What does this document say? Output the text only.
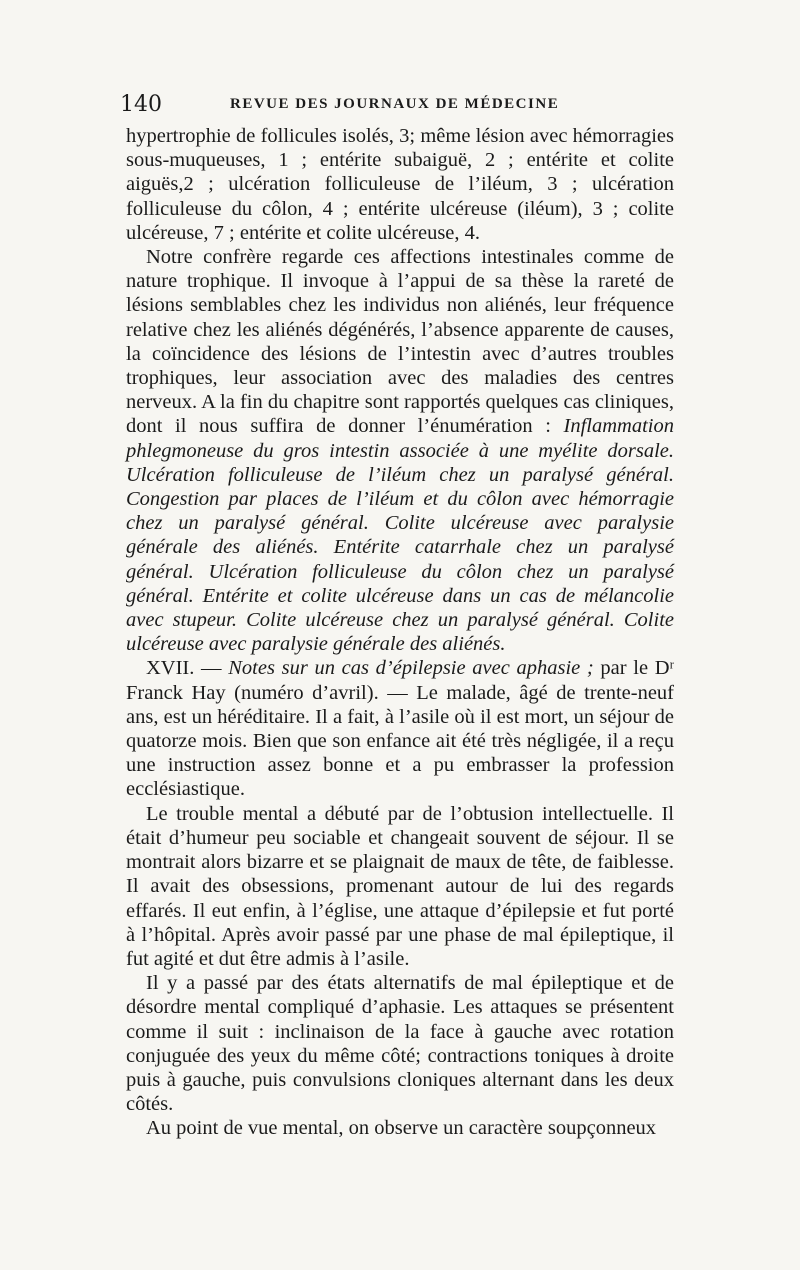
140	REVUE DES JOURNAUX DE MÉDECINE

hypertrophie de follicules isolés, 3; même lésion avec hémorragies sous-muqueuses, 1 ; entérite subaiguë, 2 ; entérite et colite aiguës,2 ; ulcération folliculeuse de l’iléum, 3 ; ulcération folliculeuse du côlon, 4 ; entérite ulcéreuse (iléum), 3 ; colite ulcéreuse, 7 ; entérite et colite ulcéreuse, 4.

Notre confrère regarde ces affections intestinales comme de nature trophique. Il invoque à l’appui de sa thèse la rareté de lésions semblables chez les individus non aliénés, leur fréquence relative chez les aliénés dégénérés, l’absence apparente de causes, la coïncidence des lésions de l’intestin avec d’autres troubles trophiques, leur association avec des maladies des centres nerveux. A la fin du chapitre sont rapportés quelques cas cliniques, dont il nous suffira de donner l’énumération : Inflammation phlegmoneuse du gros intestin associée à une myélite dorsale. Ulcération folliculeuse de l’iléum chez un paralysé général. Congestion par places de l’iléum et du côlon avec hémorragie chez un paralysé général. Colite ulcéreuse avec paralysie générale des aliénés. Entérite catarrhale chez un paralysé général. Ulcération folliculeuse du côlon chez un paralysé général. Entérite et colite ulcéreuse dans un cas de mélancolie avec stupeur. Colite ulcéreuse chez un paralysé général. Colite ulcéreuse avec paralysie générale des aliénés.

XVII. — Notes sur un cas d’épilepsie avec aphasie ; par le Dʳ Franck Hay (numéro d’avril). — Le malade, âgé de trente-neuf ans, est un héréditaire. Il a fait, à l’asile où il est mort, un séjour de quatorze mois. Bien que son enfance ait été très négligée, il a reçu une instruction assez bonne et a pu embrasser la profession ecclésiastique.

Le trouble mental a débuté par de l’obtusion intellectuelle. Il était d’humeur peu sociable et changeait souvent de séjour. Il se montrait alors bizarre et se plaignait de maux de tête, de faiblesse. Il avait des obsessions, promenant autour de lui des regards effarés. Il eut enfin, à l’église, une attaque d’épilepsie et fut porté à l’hôpital. Après avoir passé par une phase de mal épileptique, il fut agité et dut être admis à l’asile.

Il y a passé par des états alternatifs de mal épileptique et de désordre mental compliqué d’aphasie. Les attaques se présentent comme il suit : inclinaison de la face à gauche avec rotation conjuguée des yeux du même côté; contractions toniques à droite puis à gauche, puis convulsions cloniques alternant dans les deux côtés.

Au point de vue mental, on observe un caractère soupçonneux
